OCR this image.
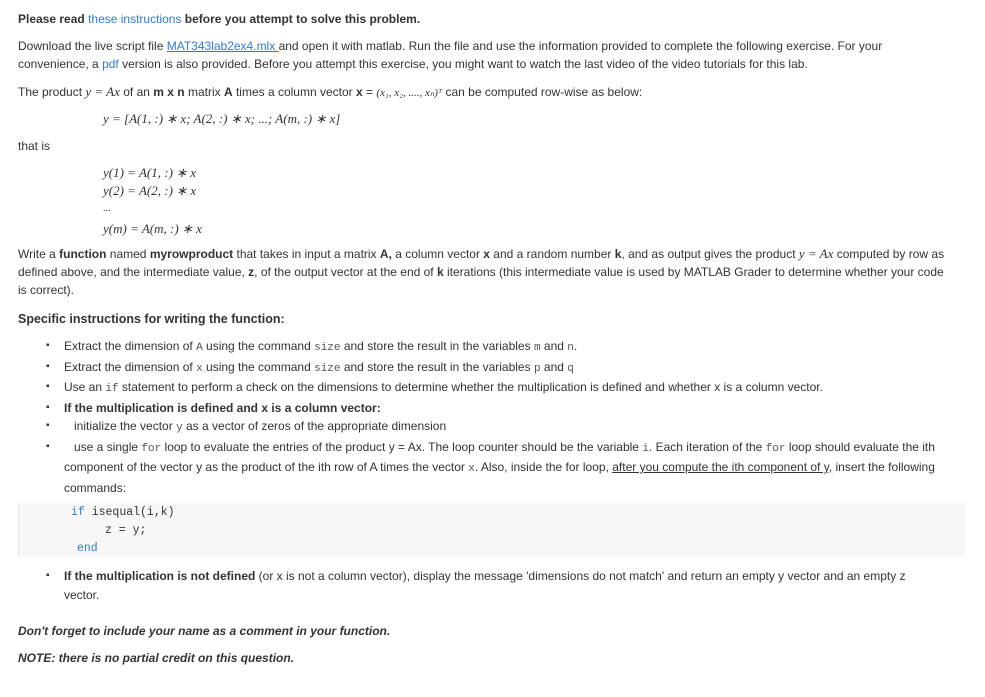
Please read these instructions before you attempt to solve this problem.

Download the live script file MAT343lab2ex4.mlx and open it with matlab. Run the file and use the information provided to complete the following exercise. For your convenience, a pdf version is also provided. Before you attempt this exercise, you might want to watch the last video of the video tutorials for this lab.

The product y = Ax of an m x n matrix A times a column vector x = (x₁, x₂, ...., xₙ)ᵀ can be computed row-wise as below:

y = [A(1, :) ∗ x; A(2, :) ∗ x; ...; A(m, :) ∗ x]

that is

y(1) = A(1, :) ∗ x
y(2) = A(2, :) ∗ x
...
y(m) = A(m, :) ∗ x

Write a function named myrowproduct that takes in input a matrix A, a column vector x and a random number k, and as output gives the product y = Ax computed by row as defined above, and the intermediate value, z, of the output vector at the end of k iterations (this intermediate value is used by MATLAB Grader to determine whether your code is correct).

Specific instructions for writing the function:

▪ Extract the dimension of A using the command size and store the result in the variables m and n.
▪ Extract the dimension of x using the command size and store the result in the variables p and q
▪ Use an if statement to perform a check on the dimensions to determine whether the multiplication is defined and whether x is a column vector.
▪ If the multiplication is defined and x is a column vector:
▪    initialize the vector y as a vector of zeros of the appropriate dimension
▪    use a single for loop to evaluate the entries of the product y = Ax. The loop counter should be the variable i. Each iteration of the for loop should evaluate the ith component of the vector y as the product of the ith row of A times the vector x. Also, inside the for loop, after you compute the ith component of y, insert the following commands:
if isequal(i,k)
z = y;
end
▪ If the multiplication is not defined (or x is not a column vector), display the message 'dimensions do not match' and return an empty y vector and an empty z vector.

Don't forget to include your name as a comment in your function.

NOTE: there is no partial credit on this question.
